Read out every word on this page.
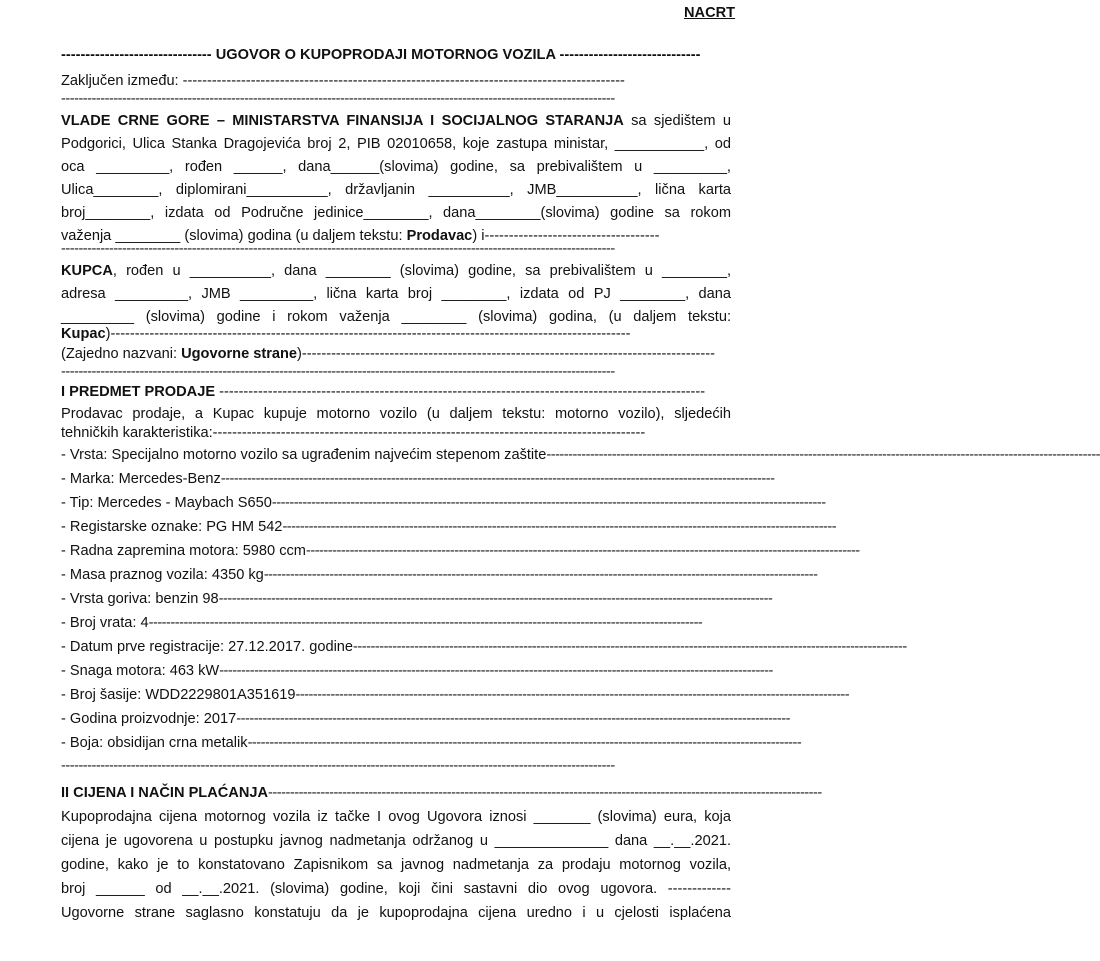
NACRT
------------------------------- UGOVOR O KUPOPRODAJI MOTORNOG VOZILA -----------------------------
Zaključen između: -------------------------------------------------------------------------------------------
-------------------------------------------------------------------------------------------------------------------------------
VLADE CRNE GORE – MINISTARSTVA FINANSIJA I SOCIJALNOG STARANJA sa sjedištem u
Podgorici, Ulica Stanka Dragojevića broj 2, PIB 02010658, koje zastupa ministar, ___________, od
oca _________, rođen ______, dana______(slovima) godine, sa prebivalištem u _________,
Ulica________, diplomirani__________, državljanin __________, JMB__________, lična karta
broj________, izdata od Područne jedinice________, dana________(slovima) godine sa rokom
važenja ________ (slovima) godina (u daljem tekstu: Prodavac) i------------------------------------
-------------------------------------------------------------------------------------------------------------------------------
KUPCA, rođen u __________, dana ________ (slovima) godine, sa prebivalištem u ________,
adresa _________, JMB _________, lična karta broj ________, izdata od PJ ________, dana
_________ (slovima) godine i rokom važenja ________ (slovima) godina, (u daljem tekstu:
Kupac)-----------------------------------------------------------------------------------------------------------
(Zajedno nazvani: Ugovorne strane)-------------------------------------------------------------------------------------
-------------------------------------------------------------------------------------------------------------------------------
I PREDMET PRODAJE ----------------------------------------------------------------------------------------------------
Prodavac prodaje, a Kupac kupuje motorno vozilo (u daljem tekstu: motorno vozilo), sljedećih
tehničkih karakteristika:-----------------------------------------------------------------------------------------
- Vrsta: Specijalno motorno vozilo sa ugrađenim najvećim stepenom zaštite -------------------------------------------------------------------------------------------------------------------------------
- Marka: Mercedes-Benz -------------------------------------------------------------------------------------------------------------------------------
- Tip: Mercedes - Maybach S650 -------------------------------------------------------------------------------------------------------------------------------
- Registarske oznake: PG HM 542 -------------------------------------------------------------------------------------------------------------------------------
- Radna zapremina motora: 5980 ccm -------------------------------------------------------------------------------------------------------------------------------
- Masa praznog vozila: 4350 kg -------------------------------------------------------------------------------------------------------------------------------
- Vrsta goriva: benzin 98 -------------------------------------------------------------------------------------------------------------------------------
- Broj vrata: 4 -------------------------------------------------------------------------------------------------------------------------------
- Datum prve registracije: 27.12.2017. godine -------------------------------------------------------------------------------------------------------------------------------
- Snaga motora: 463 kW -------------------------------------------------------------------------------------------------------------------------------
- Broj šasije: WDD2229801A351619 -------------------------------------------------------------------------------------------------------------------------------
- Godina proizvodnje: 2017 -------------------------------------------------------------------------------------------------------------------------------
- Boja: obsidijan crna metalik -------------------------------------------------------------------------------------------------------------------------------
-------------------------------------------------------------------------------------------------------------------------------
II CIJENA I NAČIN PLAĆANJA -------------------------------------------------------------------------------------------------------------------------------
Kupoprodajna cijena motornog vozila iz tačke I ovog Ugovora iznosi _______ (slovima) eura, koja
cijena je ugovorena u postupku javnog nadmetanja održanog u ______________ dana __.__.2021.
godine, kako je to konstatovano Zapisnikom sa javnog nadmetanja za prodaju motornog vozila,
broj ______ od __.__.2021. (slovima) godine, koji čini sastavni dio ovog ugovora. -------------
Ugovorne strane saglasno konstatuju da je kupoprodajna cijena uredno i u cjelosti isplaćena
